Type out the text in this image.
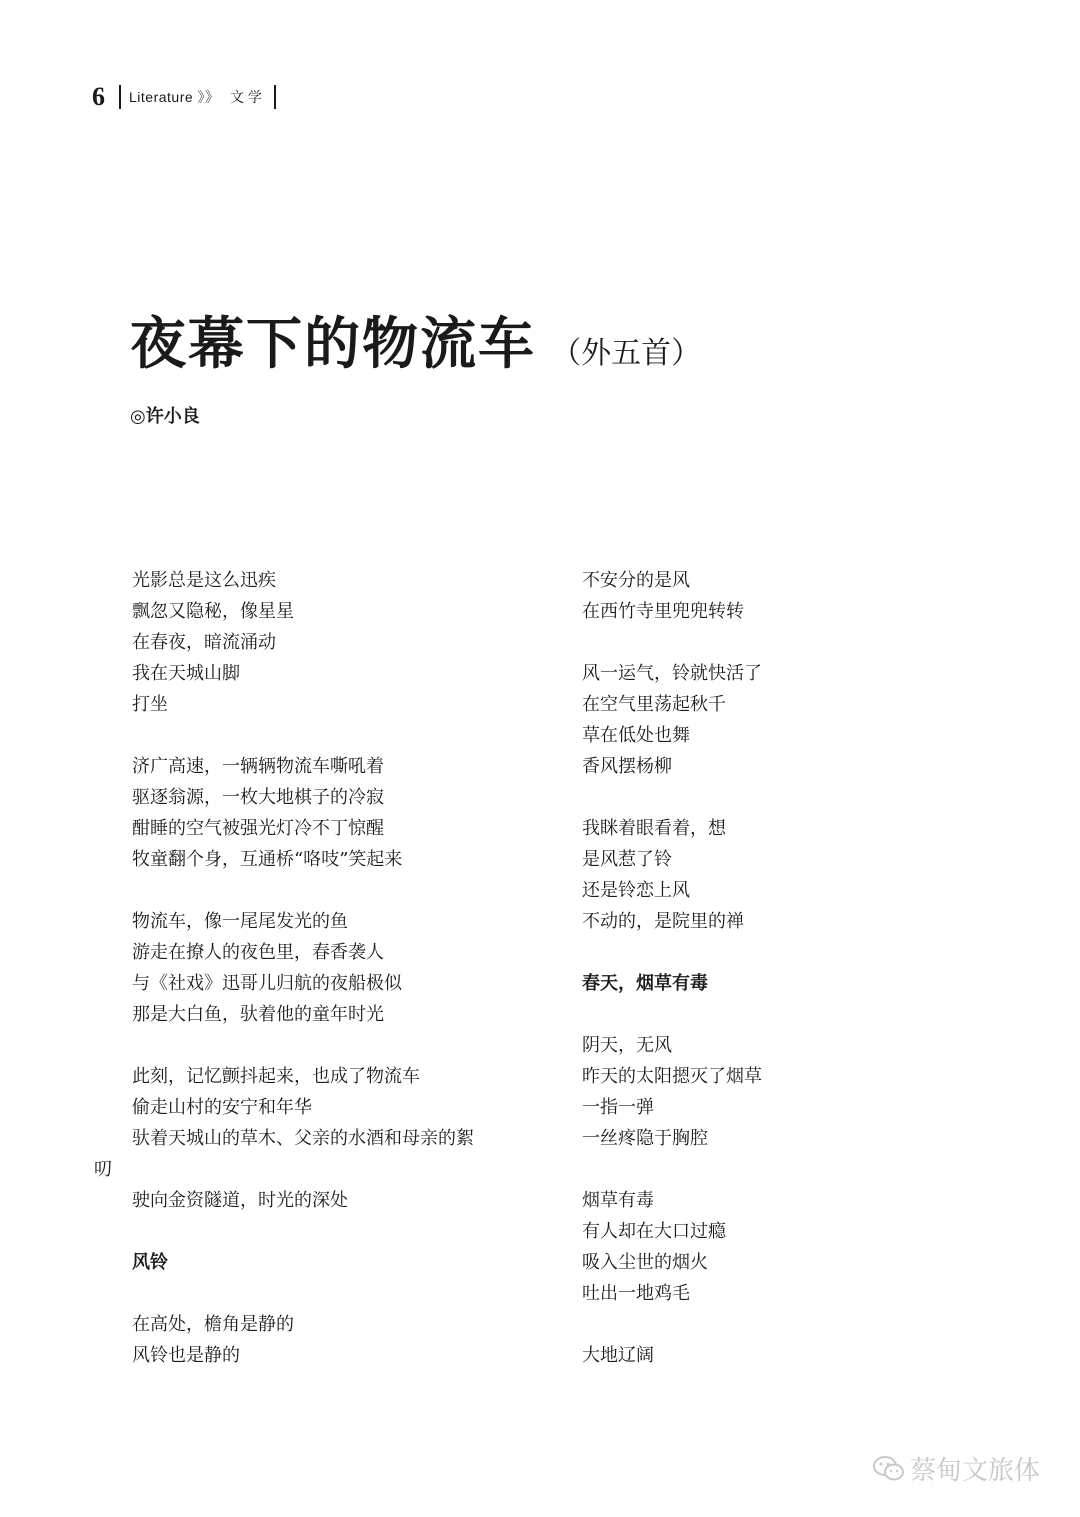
6 Literature 》》 文学
夜幕下的物流车 （外五首）
◎许小良
光影总是这么迅疾
飘忽又隐秘，像星星
在春夜，暗流涌动
我在天城山脚
打坐
济广高速，一辆辆物流车嘶吼着
驱逐翁源，一枚大地棋子的冷寂
酣睡的空气被强光灯冷不丁惊醒
牧童翻个身，互通桥“咯吱”笑起来
物流车，像一尾尾发光的鱼
游走在撩人的夜色里，春香袭人
与《社戏》迅哥儿归航的夜船极似
那是大白鱼，驮着他的童年时光
此刻，记忆颤抖起来，也成了物流车
偷走山村的安宁和年华
驮着天城山的草木、父亲的水酒和母亲的絮
叨
驶向金资隧道，时光的深处
风铃
在高处，檐角是静的
风铃也是静的
不安分的是风
在西竹寺里兜兜转转
风一运气，铃就快活了
在空气里荡起秋千
草在低处也舞
香风摆杨柳
我眯着眼看着，想
是风惹了铃
还是铃恋上风
不动的，是院里的禅
春天，烟草有毒
阴天，无风
昨天的太阳摁灭了烟草
一指一弹
一丝疼隐于胸腔
烟草有毒
有人却在大口过瘾
吸入尘世的烟火
吐出一地鸡毛
大地辽阔
蔡甸文旅体
